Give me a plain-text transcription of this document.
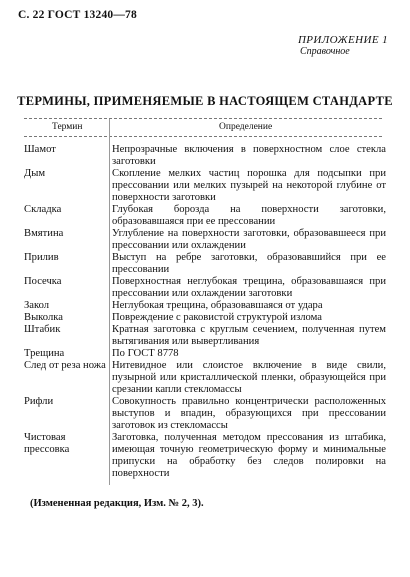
С. 22 ГОСТ 13240—78
ПРИЛОЖЕНИЕ 1
Справочное
ТЕРМИНЫ, ПРИМЕНЯЕМЫЕ В НАСТОЯЩЕМ СТАНДАРТЕ
Термин	Определение
Шамот	Непрозрачные включения в поверхностном слое стекла заготовки
Дым	Скопление мелких частиц порошка для подсыпки при прессовании или мелких пузырей на некоторой глубине от поверхности заготовки
Складка	Глубокая борозда на поверхности заготовки, образовавшаяся при ее прессовании
Вмятина	Углубление на поверхности заготовки, образовавшееся при прессовании или охлаждении
Прилив	Выступ на ребре заготовки, образовавшийся при ее прессовании
Посечка	Поверхностная неглубокая трещина, образовавшаяся при прессовании или охлаждении заготовки
Закол	Неглубокая трещина, образовавшаяся от удара
Выколка	Повреждение с раковистой структурой излома
Штабик	Кратная заготовка с круглым сечением, полученная путем вытягивания или вывертливания
Трещина	По ГОСТ 8778
След от реза ножа	Нитевидное или слоистое включение в виде свили, пузырной или кристаллической пленки, образующейся при срезании капли стекломассы
Рифли	Совокупность правильно концентрически расположенных выступов и впадин, образующихся при прессовании заготовок из стекломассы
Чистовая прессовка	Заготовка, полученная методом прессования из штабика, имеющая точную геометрическую форму и минимальные припуски на обработку без следов полировки на поверхности
(Измененная редакция, Изм. № 2, 3).
